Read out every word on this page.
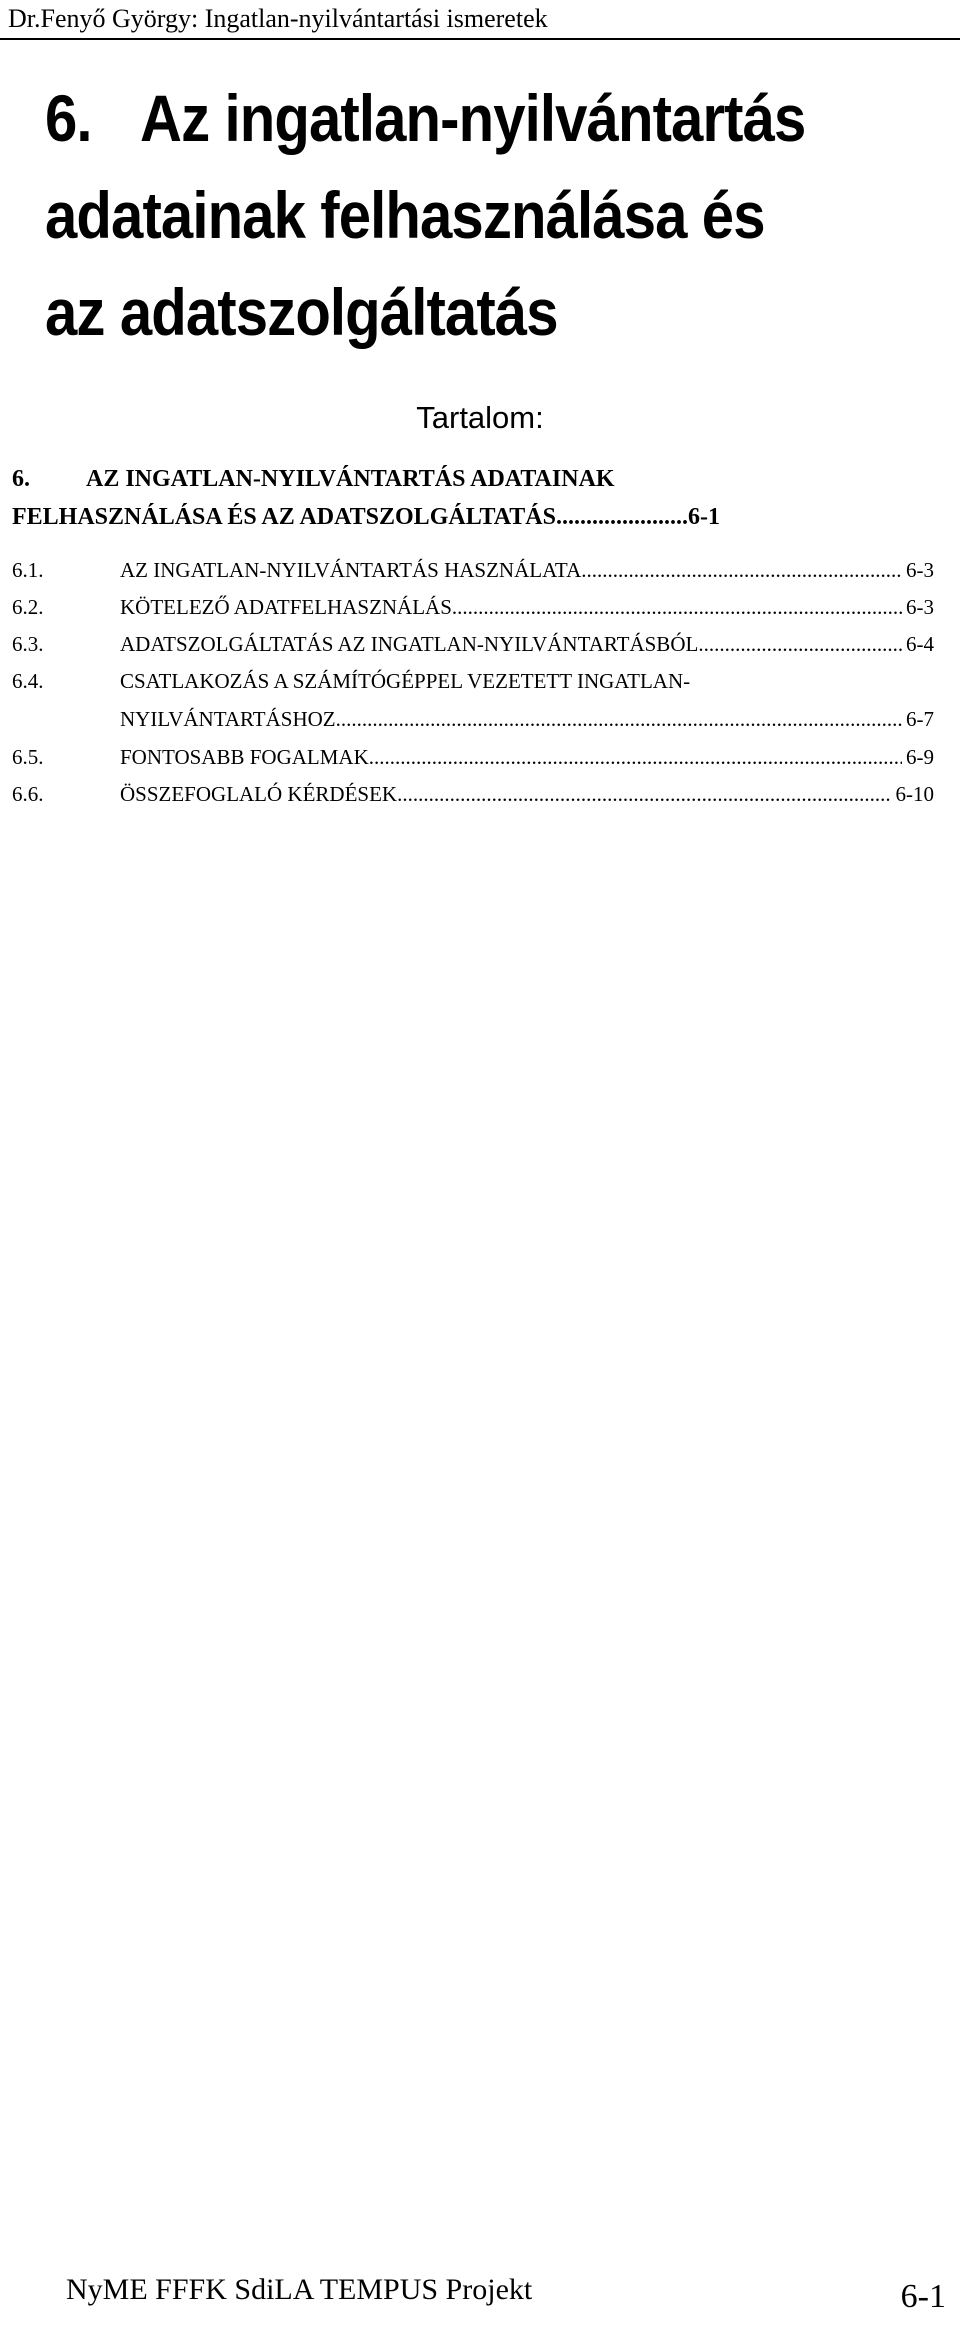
Dr.Fenyő György: Ingatlan-nyilvántartási ismeretek
6. Az ingatlan-nyilvántartás
adatainak felhasználása és
az adatszolgáltatás
Tartalom:
6. AZ INGATLAN-NYILVÁNTARTÁS ADATAINAK
FELHASZNÁLÁSA ÉS AZ ADATSZOLGÁLTATÁS......................6-1
6.1.	AZ INGATLAN-NYILVÁNTARTÁS HASZNÁLATA .....	6-3
6.2.	KÖTELEZŐ ADATFELHASZNÁLÁS .....	6-3
6.3.	ADATSZOLGÁLTATÁS AZ INGATLAN-NYILVÁNTARTÁSBÓL .....	6-4
6.4.	CSATLAKOZÁS A SZÁMÍTÓGÉPPEL VEZETETT INGATLAN-
NYILVÁNTARTÁSHOZ .....	6-7
6.5.	FONTOSABB FOGALMAK .....	6-9
6.6.	ÖSSZEFOGLALÓ KÉRDÉSEK .....	6-10
NyME FFFK SdiLA TEMPUS Projekt	6-1
